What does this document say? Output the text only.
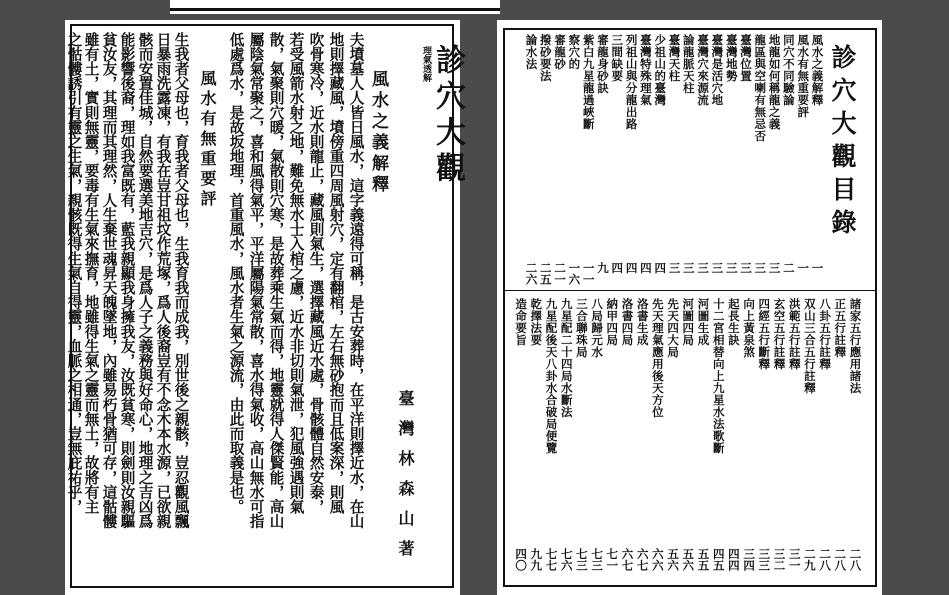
理氣透解 診穴大觀
風水之義解釋
臺灣林森山著
夫墳墓人人皆日風水，這字義遠得可稱，是古安葬時，在平洋則擇近水，在山
地則擇藏風，墳傍重四周風射穴，定有翻棺，左右無砂抱而且低案深，則風
吹骨寒冷，近水則龍止，藏風則氣生，選擇藏風近水處，骨骸體自然安泰，
若受風箭水射之地，難免無水士入棺之慮，近水非切則氣泄，犯風強遇則氣
散，氣聚則穴暖，氣散則穴寒，是故葬乘生氣而得，地靈就得人傑賢能，高山
屬陰氣常聚之，喜和風得氣平，平洋屬陽氣常散，喜水得氣收，高山無水可指
低處爲水，是故坂地理，首重風水，風水者生氣之源流，由此而取義是也。
風水有無重要評
生我者父母也，育我者父母也，生我育我而成我，別世後之親骸，豈忍觀風飄
日暴雨洗露凍，有我在豈甘祖坟作荒塚，爲人後裔豈有不念木本水源，已欲親
骸而安置佳城，自然要選美地吉穴，是爲人子之義務與好命心，地理之吉凶爲
能影響後裔，理如我富既有，藍我親顯我身擁我友，汝既貧寒，則劍則汝親驅
貧汝友，其理而其理然，人生棄世魂昇天魄墜地，內雖易朽骨猶可存，這骷髏
雖有土，實則無靈，要毒有生氣來撫育，地雖得生氣之靈而無土，故將有主
之骷髏誘引有靈之生氣，親骸既得生氣自得靈，血脈之相通，豈無庇祐乎，	診穴大觀目錄
風水之義解釋
一
風水有無重要評
一
同穴不同驗論
二
地龍如何稱龍之義
三
龍區與空喇有無忌否
三
臺灣位置
三
臺灣地勢
三
臺灣是活穴地
三
臺灣穴來源流
三
論龍脈天柱
三
臺灣天柱
三
少祖山的臺灣
四
臺灣特殊理氣
四
列祖山與分龍出路
四
三間缺要
四
審龍身砂訣
九
紫白九星龍過峽斷
一一
察穴的
一六
審龍砂
二一
撥砂要法
二五
論水法
二六
諸家五行應用諸法
二八
正五行註釋
二八
八卦五行註釋
二八
双山三合五行註釋
二九
洪範五行註釋
三一
玄空五行註釋
三二
四經五行斷釋
三三
向上黃泉煞
三四
起長生訣
四四
十二宮相替向上九星水法歌斷
四五
河圖生成
五五
河圖四局
五六
先天四大局
五六
先天理氣應用後天方位
六六
洛書生成
六七
洛書四局
六七
納甲四局
七一
八局歸元水
七三
三合聯珠局
七三
九星配二十四局水斷法
七六
九星配後天八卦水合破局便覽
七七
乾擇法要
九九
造命要旨
四〇
